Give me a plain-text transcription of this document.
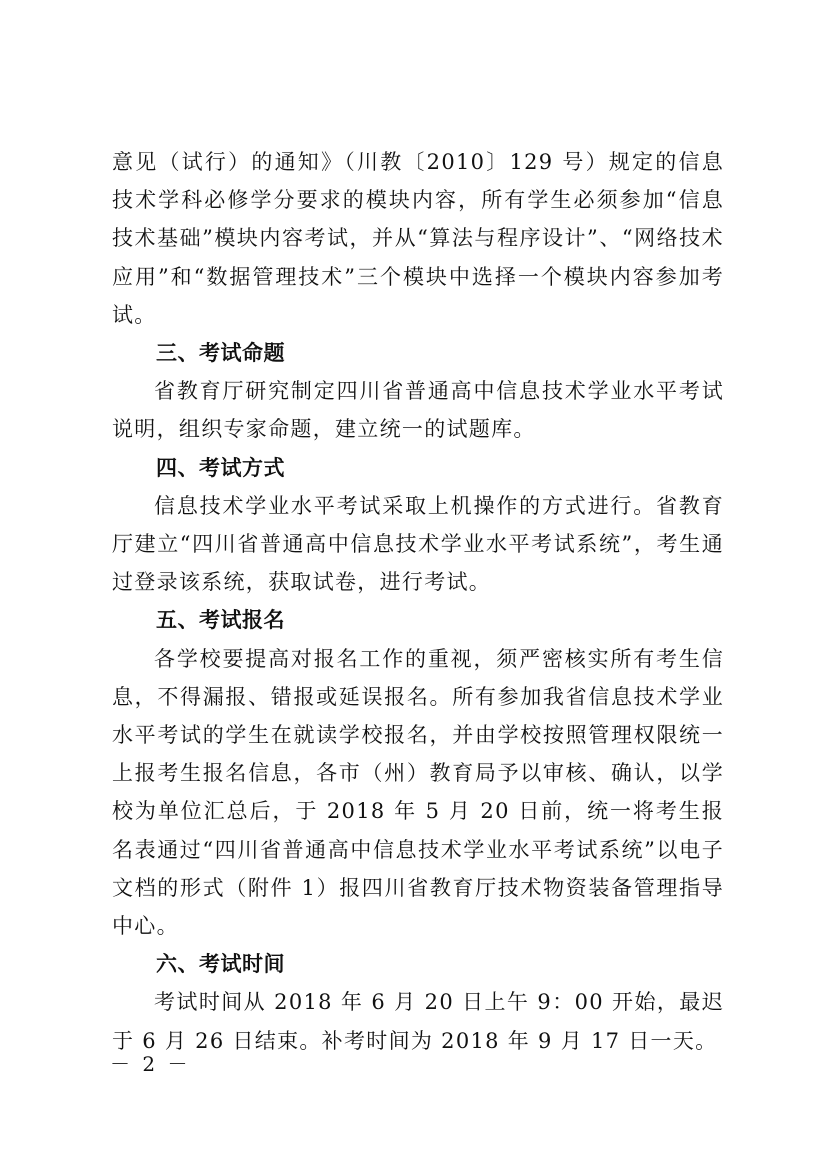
意见（试行）的通知》（川教〔2010〕129 号）规定的信息技术学科必修学分要求的模块内容，所有学生必须参加“信息技术基础”模块内容考试，并从“算法与程序设计”、“网络技术应用”和“数据管理技术”三个模块中选择一个模块内容参加考试。

三、考试命题

省教育厅研究制定四川省普通高中信息技术学业水平考试说明，组织专家命题，建立统一的试题库。

四、考试方式

信息技术学业水平考试采取上机操作的方式进行。省教育厅建立“四川省普通高中信息技术学业水平考试系统”，考生通过登录该系统，获取试卷，进行考试。

五、考试报名

各学校要提高对报名工作的重视，须严密核实所有考生信息，不得漏报、错报或延误报名。所有参加我省信息技术学业水平考试的学生在就读学校报名，并由学校按照管理权限统一上报考生报名信息，各市（州）教育局予以审核、确认，以学校为单位汇总后，于 2018 年 5 月 20 日前，统一将考生报名表通过“四川省普通高中信息技术学业水平考试系统”以电子文档的形式（附件 1）报四川省教育厅技术物资装备管理指导中心。

六、考试时间

考试时间从 2018 年 6 月 20 日上午 9：00 开始，最迟于 6 月 26 日结束。补考时间为 2018 年 9 月 17 日一天。

－ 2 －
